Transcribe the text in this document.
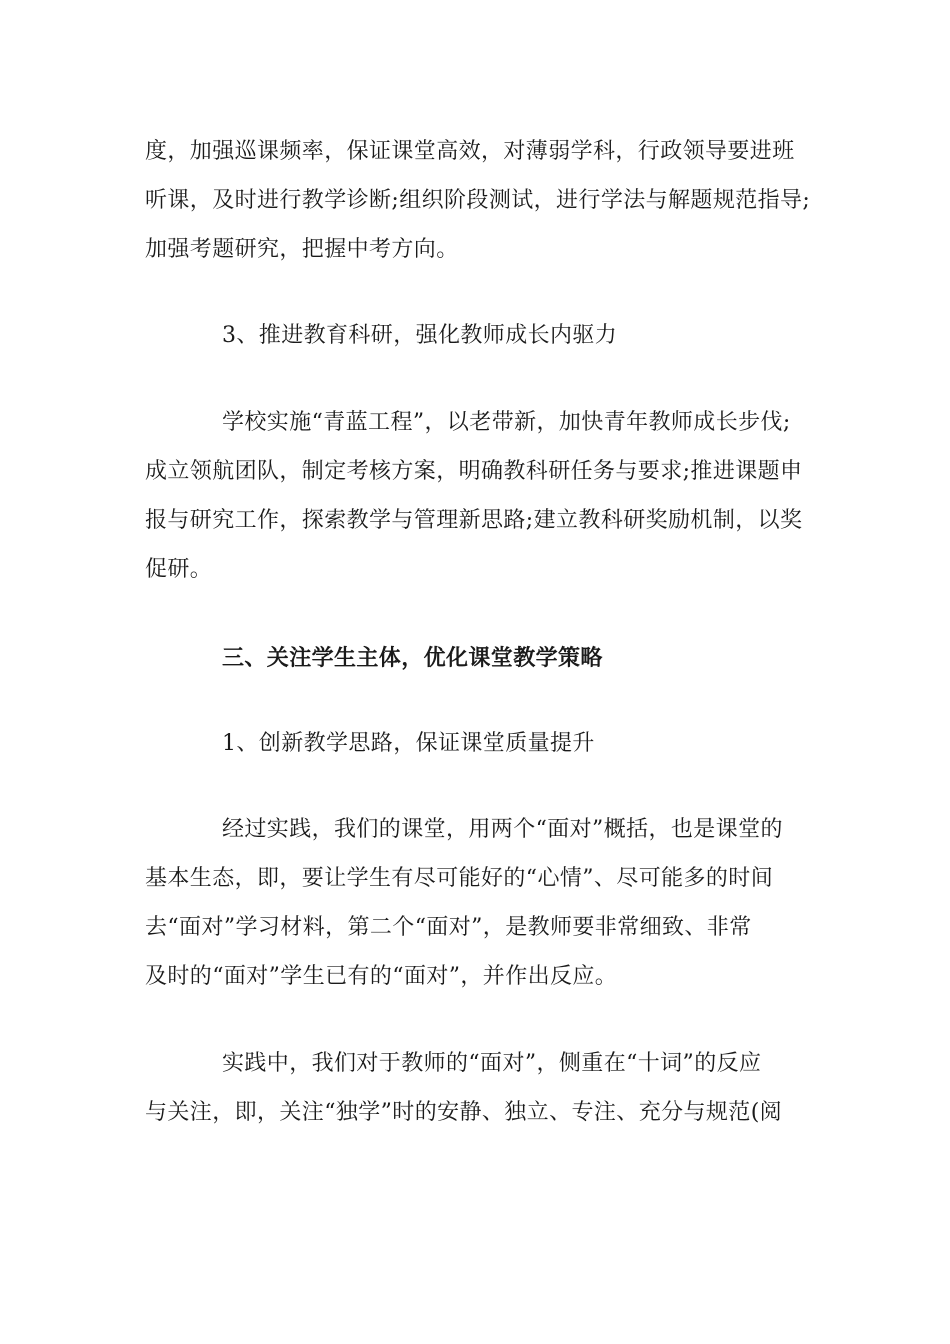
度，加强巡课频率，保证课堂高效，对薄弱学科，行政领导要进班
听课，及时进行教学诊断;组织阶段测试，进行学法与解题规范指导;
加强考题研究，把握中考方向。
3、推进教育科研，强化教师成长内驱力
学校实施“青蓝工程”，以老带新，加快青年教师成长步伐;
成立领航团队，制定考核方案，明确教科研任务与要求;推进课题申
报与研究工作，探索教学与管理新思路;建立教科研奖励机制，以奖
促研。
三、关注学生主体，优化课堂教学策略
1、创新教学思路，保证课堂质量提升
经过实践，我们的课堂，用两个“面对”概括，也是课堂的
基本生态，即，要让学生有尽可能好的“心情”、尽可能多的时间
去“面对”学习材料，第二个“面对”，是教师要非常细致、非常
及时的“面对”学生已有的“面对”，并作出反应。
实践中，我们对于教师的“面对”，侧重在“十词”的反应
与关注，即，关注“独学”时的安静、独立、专注、充分与规范(阅
